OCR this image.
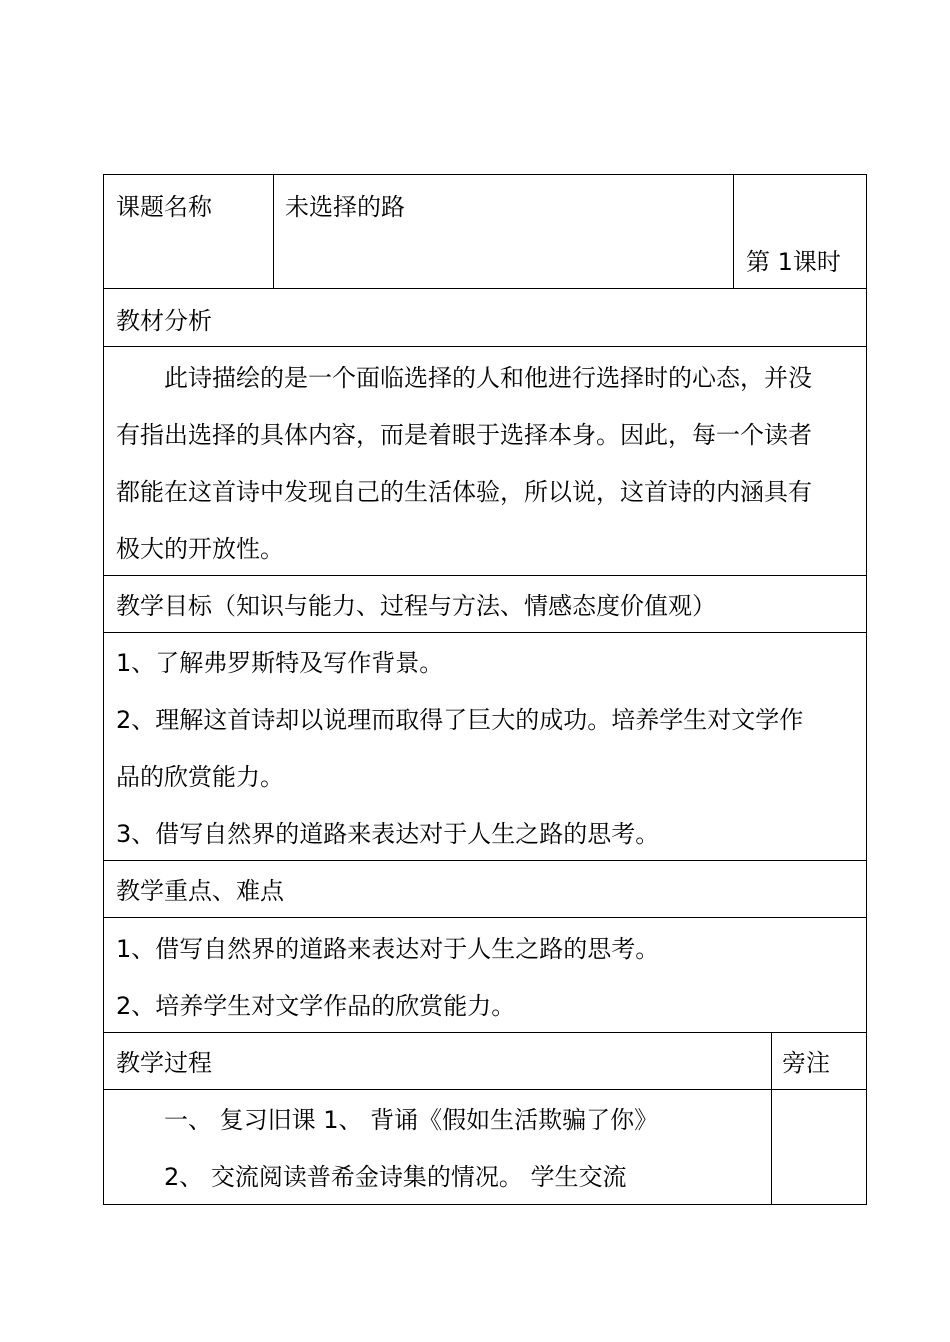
课题名称	未选择的路
第 1课时
教材分析
此诗描绘的是一个面临选择的人和他进行选择时的心态，并没
有指出选择的具体内容，而是着眼于选择本身。因此，每一个读者
都能在这首诗中发现自己的生活体验，所以说，这首诗的内涵具有
极大的开放性。
教学目标（知识与能力、过程与方法、情感态度价值观）
1、了解弗罗斯特及写作背景。
2、理解这首诗却以说理而取得了巨大的成功。培养学生对文学作
品的欣赏能力。
3、借写自然界的道路来表达对于人生之路的思考。
教学重点、难点
1、借写自然界的道路来表达对于人生之路的思考。
2、培养学生对文学作品的欣赏能力。
教学过程	旁注
一、 复习旧课 1、 背诵《假如生活欺骗了你》
2、 交流阅读普希金诗集的情况。 学生交流
